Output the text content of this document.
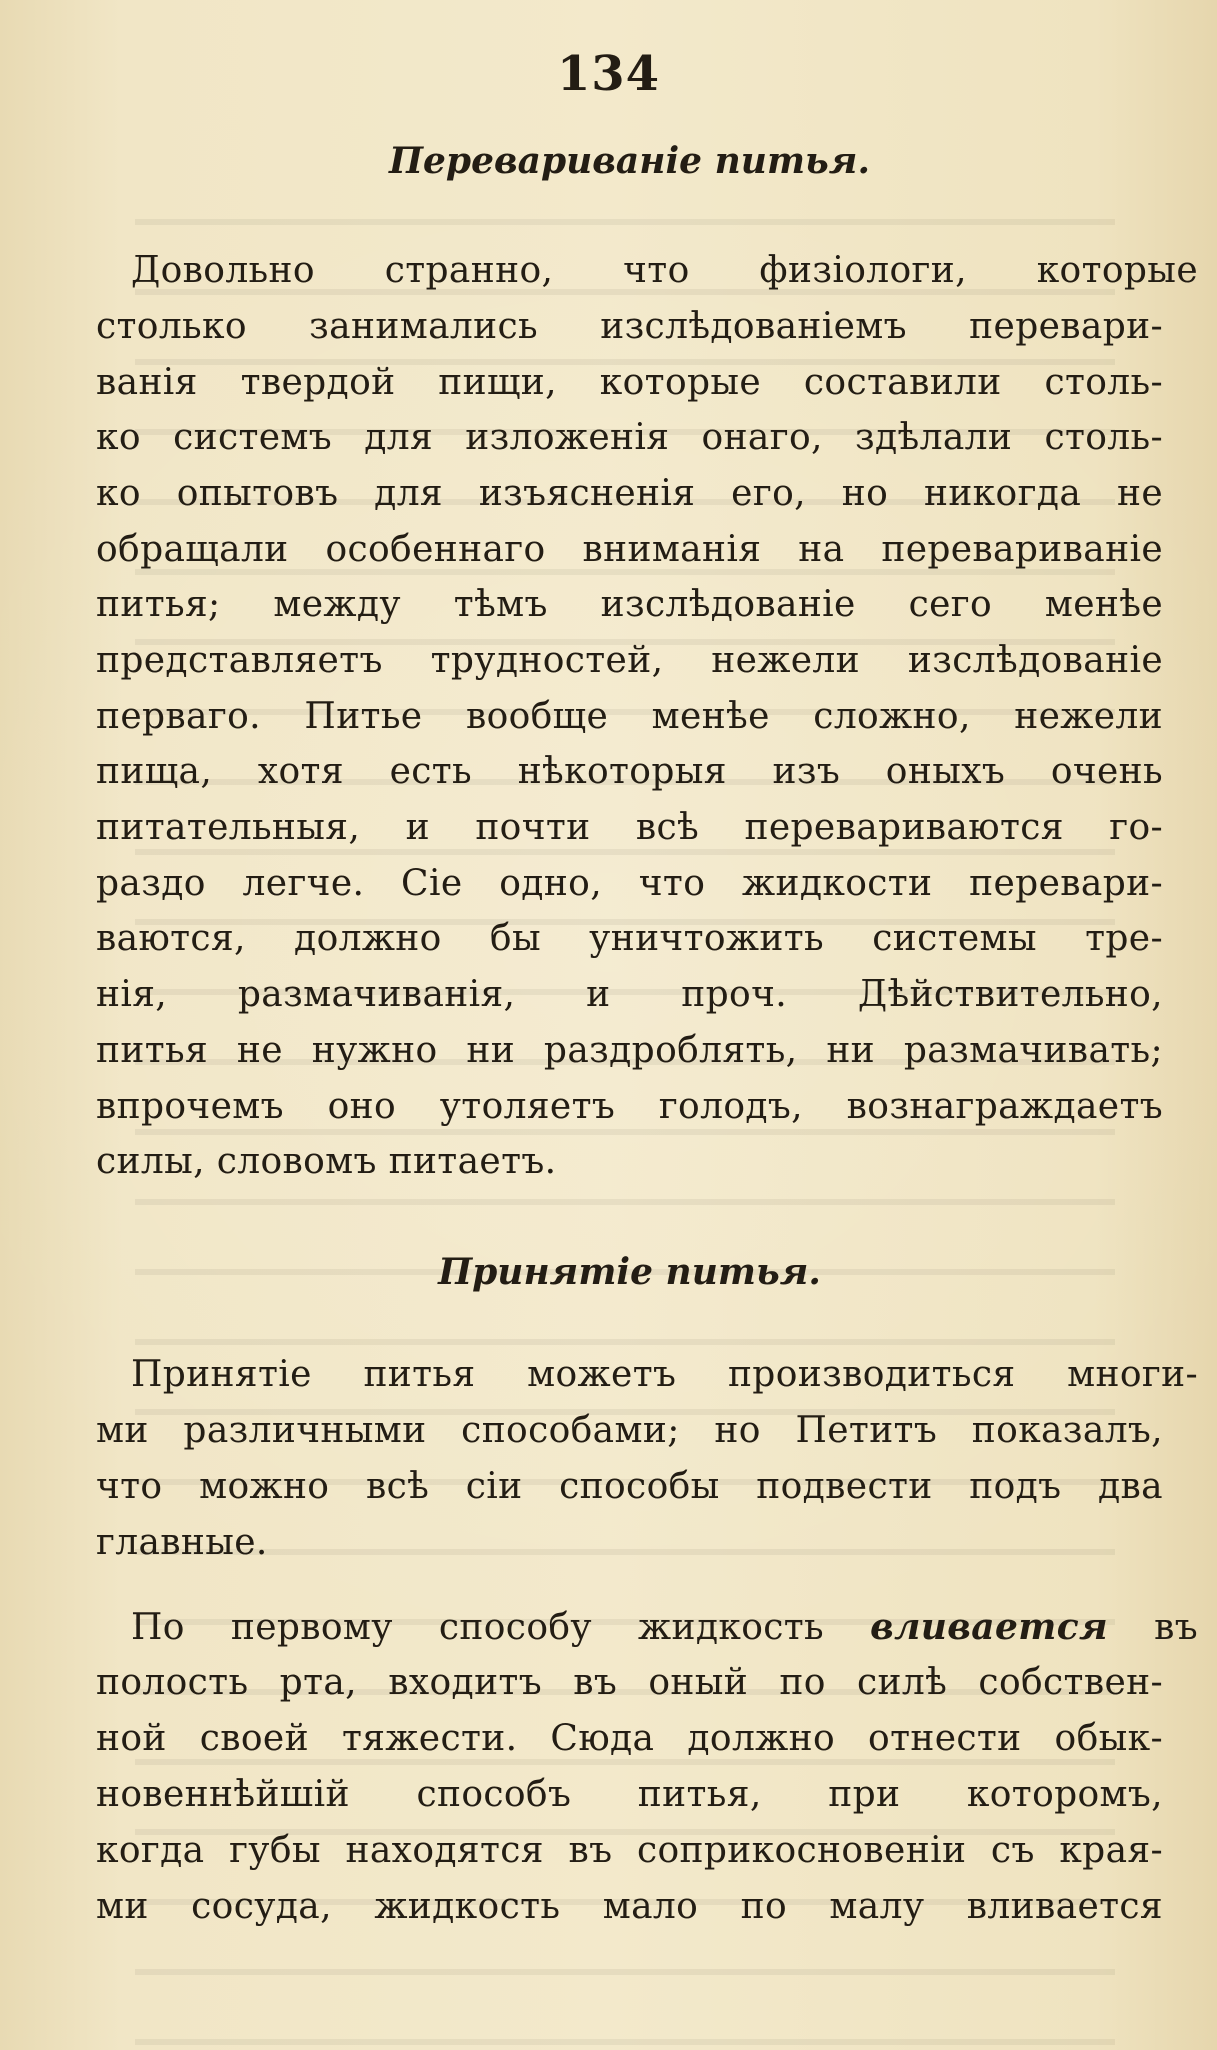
134
Перевариваніе питья.
Довольно странно, что физіологи, которые
столько занимались изслѣдованіемъ перевари-
ванія твердой пищи, которые составили столь-
ко системъ для изложенія онаго, здѣлали столь-
ко опытовъ для изъясненія его, но никогда не
обращали особеннаго вниманія на перевариваніе
питья; между тѣмъ изслѣдованіе сего менѣе
представляетъ трудностей, нежели изслѣдованіе
перваго. Питье вообще менѣе сложно, нежели
пища, хотя есть нѣкоторыя изъ оныхъ очень
питательныя, и почти всѣ перевариваются го-
раздо легче. Сіе одно, что жидкости перевари-
ваются, должно бы уничтожить системы тре-
нія, размачиванія, и проч. Дѣйствительно,
питья не нужно ни раздроблять, ни размачивать;
впрочемъ оно утоляетъ голодъ, вознаграждаетъ
силы, словомъ питаетъ.
Принятіе питья.
Принятіе питья можетъ производиться многи-
ми различными способами; но Петитъ показалъ,
что можно всѣ сіи способы подвести подъ два
главные.
По первому способу жидкость вливается въ
полость рта, входитъ въ оный по силѣ собствен-
ной своей тяжести. Сюда должно отнести обык-
новеннѣйшій способъ питья, при которомъ,
когда губы находятся въ соприкосновеніи съ края-
ми сосуда, жидкость мало по малу вливается
